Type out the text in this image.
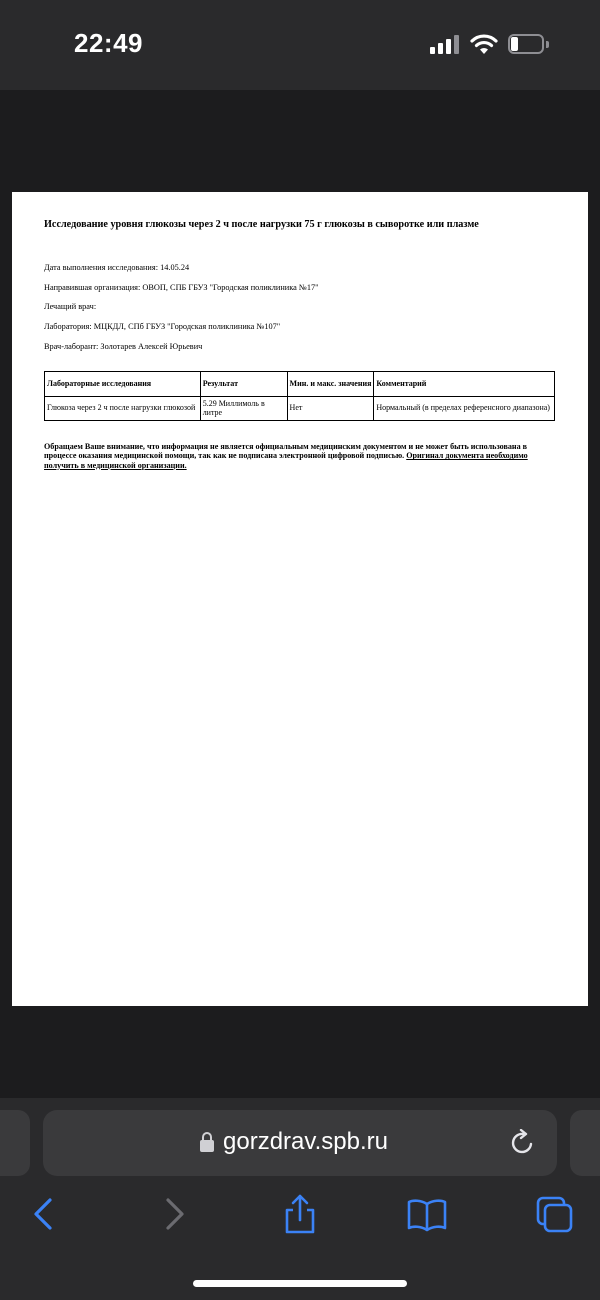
22:49
Исследование уровня глюкозы через 2 ч после нагрузки 75 г глюкозы в сыворотке или плазме
Дата выполнения исследования: 14.05.24
Направившая организация: ОВОП, СПБ ГБУЗ "Городская поликлиника №17"
Лечащий врач:
Лаборатория: МЦКДЛ, СПб ГБУЗ "Городская поликлиника №107"
Врач-лаборант: Золотарев Алексей Юрьевич
Лабораторные исследования	Результат	Мин. и макс. значения	Комментарий
Глюкоза через 2 ч после нагрузки глюкозой	5.29 Миллимоль в литре	Нет	Нормальный (в пределах референсного диапазона)
Обращаем Ваше внимание, что информация не является официальным медицинским документом и не может быть использована в процессе оказания медицинской помощи, так как не подписана электронной цифровой подписью. Оригинал документа необходимо получить в медицинской организации.
gorzdrav.spb.ru
